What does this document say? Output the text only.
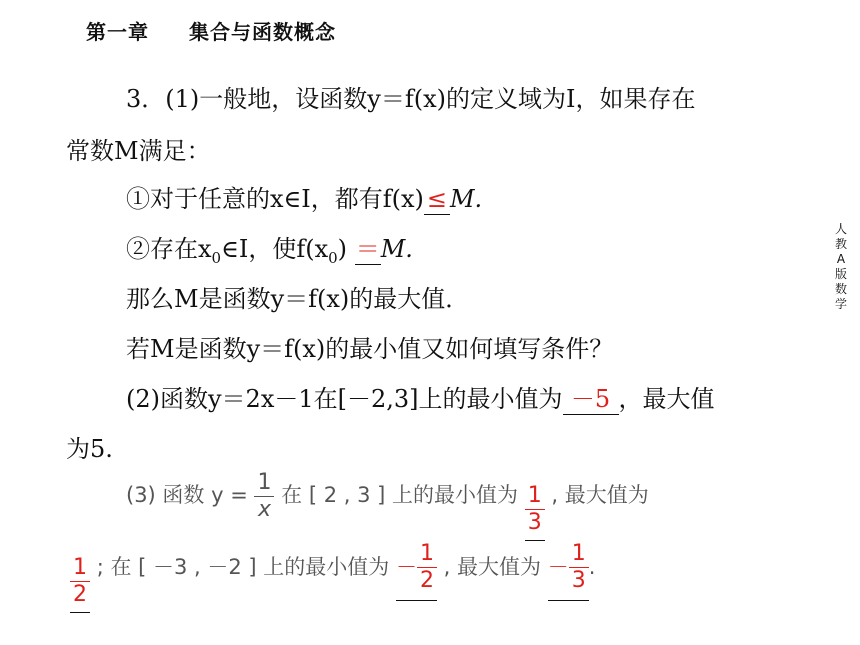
第一章 集合与函数概念
人
教
A
版
数
学
3．(1)一般地，设函数y＝f(x)的定义域为I，如果存在
常数M满足：
①对于任意的x∈I，都有f(x) ≤ M.
②存在$x_0\in I$，使$f(x_0) =M$.
那么M是函数y＝f(x)的最大值．
若M是函数y＝f(x)的最小值又如何填写条件？
(2)函数y＝2x－1在[－2,3]上的最小值为 －5 ，最大值
为5.
(3) 函数 $y = \frac{1}{x}$ 在 [ 2 , 3 ] 上的最小值为 $\frac{1}{3}$ , 最大值为
$\frac{1}{2}$ ; 在 [ －3 , －2 ] 上的最小值为 － $\frac{1}{2}$ , 最大值为 － $\frac{1}{3}$ .
